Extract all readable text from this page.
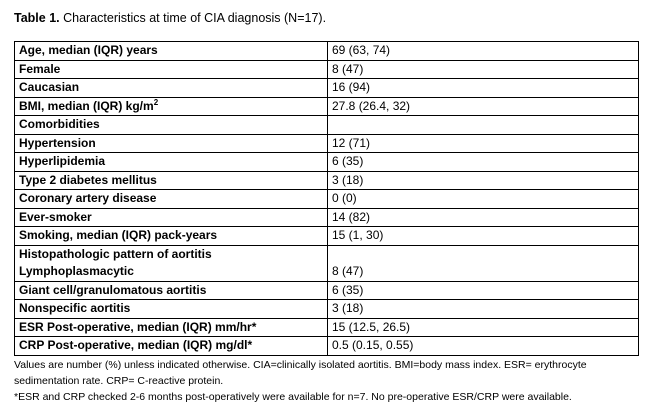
Table 1. Characteristics at time of CIA diagnosis (N=17).
Age, median (IQR) years	69 (63, 74)
Female	8 (47)
Caucasian	16 (94)
BMI, median (IQR) $kg/m^2$	27.8 (26.4, 32)
Comorbidities	
Hypertension	12 (71)
Hyperlipidemia	6 (35)
Type 2 diabetes mellitus	3 (18)
Coronary artery disease	0 (0)
Ever-smoker	14 (82)
Smoking, median (IQR) pack-years	15 (1, 30)
Histopathologic pattern of aortitis	
Lymphoplasmacytic	8 (47)
Giant cell/granulomatous aortitis	6 (35)
Nonspecific aortitis	3 (18)
ESR Post-operative, median (IQR) mm/hr*	15 (12.5, 26.5)
CRP Post-operative, median (IQR) mg/dl*	0.5 (0.15, 0.55)
Values are number (%) unless indicated otherwise. CIA=clinically isolated aortitis. BMI=body mass index. ESR= erythrocyte
sedimentation rate. CRP= C-reactive protein.
*ESR and CRP checked 2-6 months post-operatively were available for n=7. No pre-operative ESR/CRP were available.
